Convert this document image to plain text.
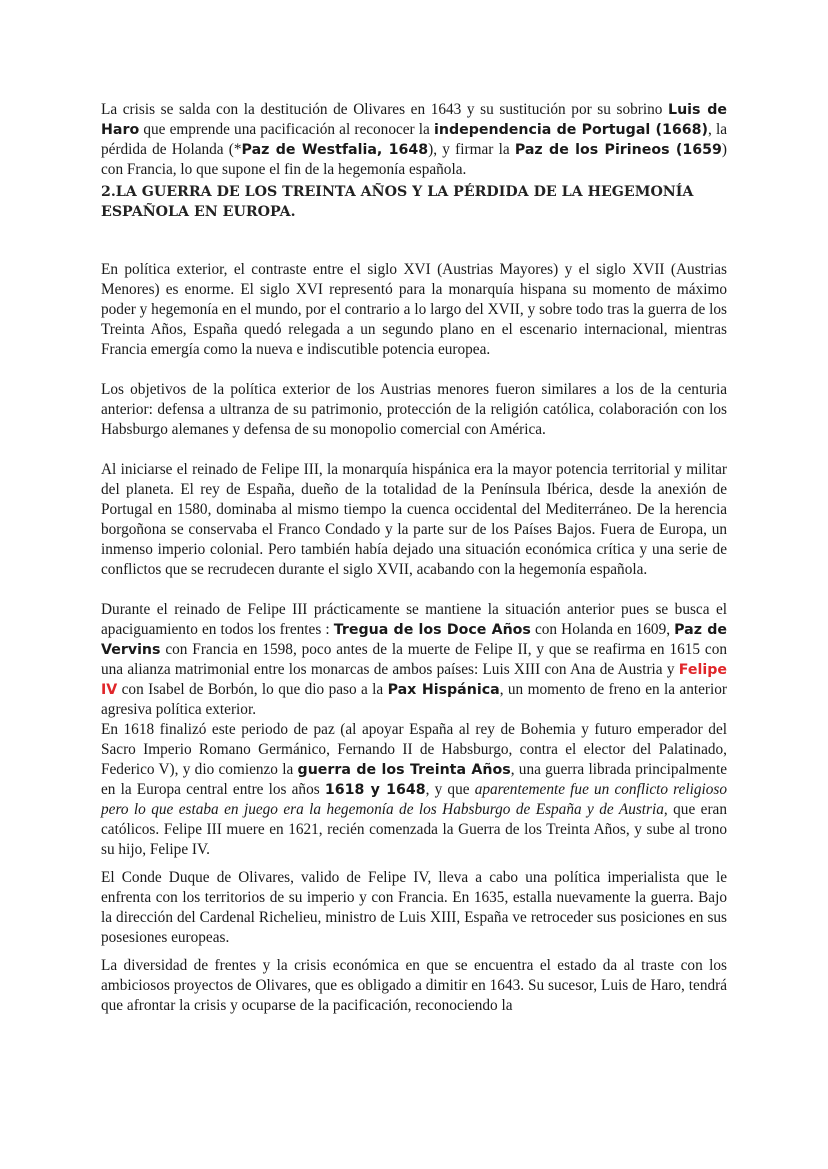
La crisis se salda con la destitución de Olivares en 1643 y su sustitución por su sobrino Luis de Haro que emprende una pacificación al reconocer la independencia de Portugal (1668), la pérdida de Holanda (*Paz de Westfalia, 1648), y firmar la Paz de los Pirineos (1659) con Francia, lo que supone el fin de la hegemonía española.

2.LA GUERRA DE LOS TREINTA AÑOS Y LA PÉRDIDA DE LA HEGEMONÍA ESPAÑOLA EN EUROPA.

En política exterior, el contraste entre el siglo XVI (Austrias Mayores) y el siglo XVII (Austrias Menores) es enorme. El siglo XVI representó para la monarquía hispana su momento de máximo poder y hegemonía en el mundo, por el contrario a lo largo del XVII, y sobre todo tras la guerra de los Treinta Años, España quedó relegada a un segundo plano en el escenario internacional, mientras Francia emergía como la nueva e indiscutible potencia europea.

Los objetivos de la política exterior de los Austrias menores fueron similares a los de la centuria anterior: defensa a ultranza de su patrimonio, protección de la religión católica, colaboración con los Habsburgo alemanes y defensa de su monopolio comercial con América.

Al iniciarse el reinado de Felipe III, la monarquía hispánica era la mayor potencia territorial y militar del planeta. El rey de España, dueño de la totalidad de la Península Ibérica, desde la anexión de Portugal en 1580, dominaba al mismo tiempo la cuenca occidental del Mediterráneo. De la herencia borgoñona se conservaba el Franco Condado y la parte sur de los Países Bajos. Fuera de Europa, un inmenso imperio colonial. Pero también había dejado una situación económica crítica y una serie de conflictos que se recrudecen durante el siglo XVII, acabando con la hegemonía española.

Durante el reinado de Felipe III prácticamente se mantiene la situación anterior pues se busca el apaciguamiento en todos los frentes : Tregua de los Doce Años con Holanda en 1609, Paz de Vervins con Francia en 1598, poco antes de la muerte de Felipe II, y que se reafirma en 1615 con una alianza matrimonial entre los monarcas de ambos países: Luis XIII con Ana de Austria y Felipe IV con Isabel de Borbón, lo que dio paso a la Pax Hispánica, un momento de freno en la anterior agresiva política exterior.

En 1618 finalizó este periodo de paz (al apoyar España al rey de Bohemia y futuro emperador del Sacro Imperio Romano Germánico, Fernando II de Habsburgo, contra el elector del Palatinado, Federico V), y dio comienzo la guerra de los Treinta Años, una guerra librada principalmente en la Europa central entre los años 1618 y 1648, y que aparentemente fue un conflicto religioso pero lo que estaba en juego era la hegemonía de los Habsburgo de España y de Austria, que eran católicos. Felipe III muere en 1621, recién comenzada la Guerra de los Treinta Años, y sube al trono su hijo, Felipe IV.

El Conde Duque de Olivares, valido de Felipe IV, lleva a cabo una política imperialista que le enfrenta con los territorios de su imperio y con Francia. En 1635, estalla nuevamente la guerra. Bajo la dirección del Cardenal Richelieu, ministro de Luis XIII, España ve retroceder sus posiciones en sus posesiones europeas.

La diversidad de frentes y la crisis económica en que se encuentra el estado da al traste con los ambiciosos proyectos de Olivares, que es obligado a dimitir en 1643. Su sucesor, Luis de Haro, tendrá que afrontar la crisis y ocuparse de la pacificación, reconociendo la
